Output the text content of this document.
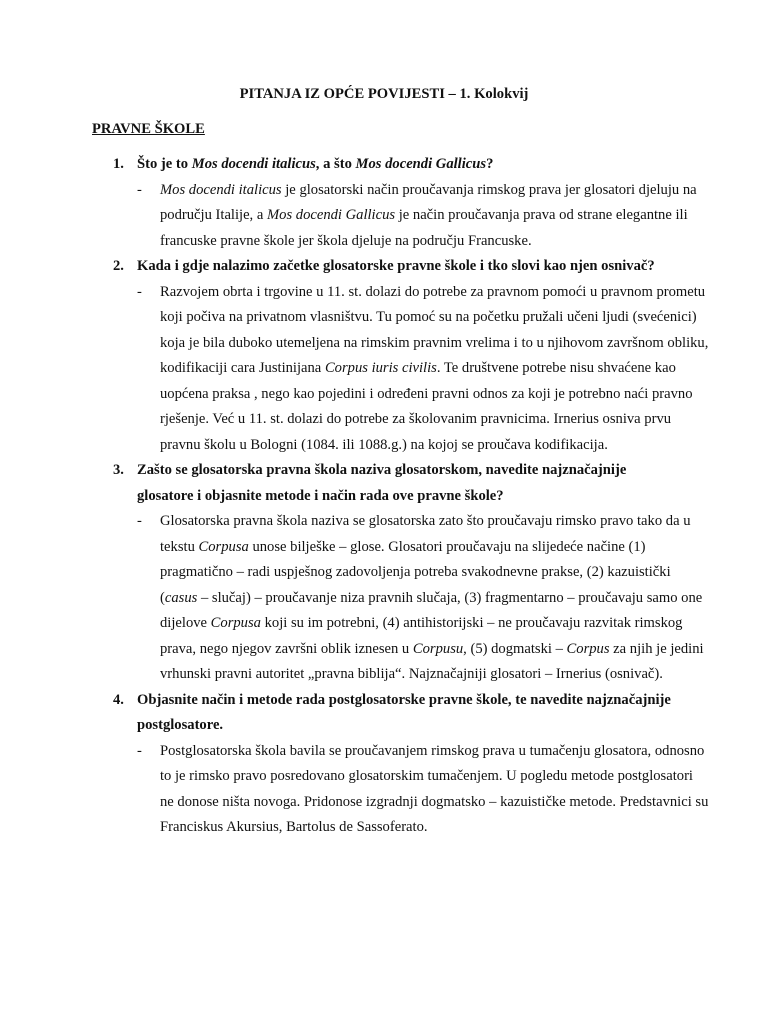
PITANJA IZ OPĆE POVIJESTI – 1. Kolokvij
PRAVNE ŠKOLE
1. Što je to Mos docendi italicus, a što Mos docendi Gallicus?
- Mos docendi italicus je glosatorski način proučavanja rimskog prava jer glosatori djeluju na području Italije, a Mos docendi Gallicus je način proučavanja prava od strane elegantne ili francuske pravne škole jer škola djeluje na području Francuske.
2. Kada i gdje nalazimo začetke glosatorske pravne škole i tko slovi kao njen osnivač?
- Razvojem obrta i trgovine u 11. st. dolazi do potrebe za pravnom pomoći u pravnom prometu koji počiva na privatnom vlasništvu. Tu pomoć su na početku pružali učeni ljudi (svećenici) koja je bila duboko utemeljena na rimskim pravnim vrelima i to u njihovom završnom obliku, kodifikaciji cara Justinijana Corpus iuris civilis. Te društvene potrebe nisu shvaćene kao uopćena praksa , nego kao pojedini i određeni pravni odnos za koji je potrebno naći pravno rješenje. Već u 11. st. dolazi do potrebe za školovanim pravnicima. Irnerius osniva prvu pravnu školu u Bologni (1084. ili 1088.g.) na kojoj se proučava kodifikacija.
3. Zašto se glosatorska pravna škola naziva glosatorskom, navedite najznačajnije glosatore i objasnite metode i način rada ove pravne škole?
- Glosatorska pravna škola naziva se glosatorska zato što proučavaju rimsko pravo tako da u tekstu Corpusa unose bilješke – glose. Glosatori proučavaju na slijedeće načine (1) pragmatično – radi uspješnog zadovoljenja potreba svakodnevne prakse, (2) kazuistički (casus – slučaj) – proučavanje niza pravnih slučaja, (3) fragmentarno – proučavaju samo one dijelove Corpusa koji su im potrebni, (4) antihistorijski – ne proučavaju razvitak rimskog prava, nego njegov završni oblik iznesen u Corpusu, (5) dogmatski – Corpus za njih je jedini vrhunski pravni autoritet „pravna biblija“. Najznačajniji glosatori – Irnerius (osnivač).
4. Objasnite način i metode rada postglosatorske pravne škole, te navedite najznačajnije postglosatore.
- Postglosatorska škola bavila se proučavanjem rimskog prava u tumačenju glosatora, odnosno to je rimsko pravo posredovano glosatorskim tumačenjem. U pogledu metode postglosatori ne donose ništa novoga. Pridonose izgradnji dogmatsko – kazuističke metode. Predstavnici su Franciskus Akursius, Bartolus de Sassoferato.
